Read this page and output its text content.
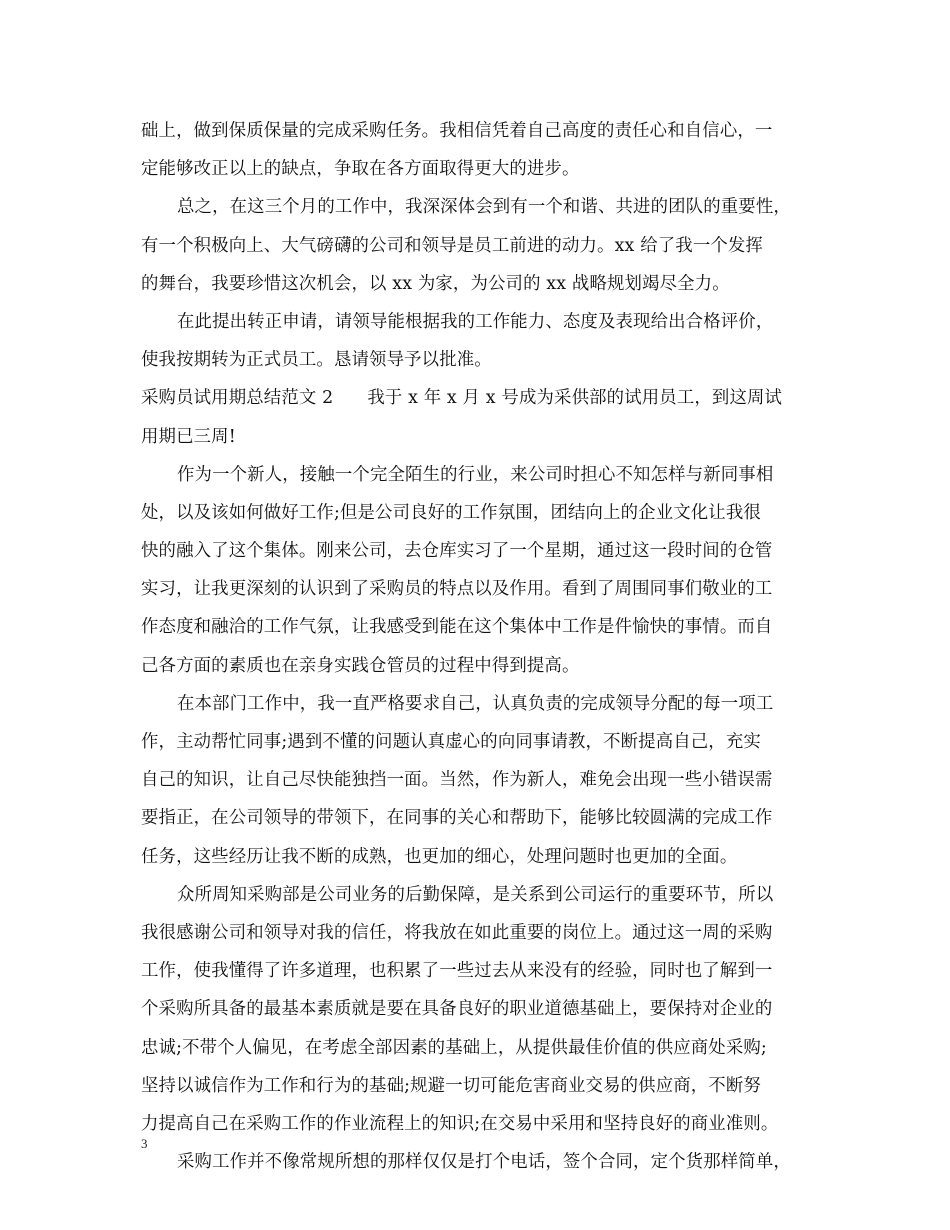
础上，做到保质保量的完成采购任务。我相信凭着自己高度的责任心和自信心，一
定能够改正以上的缺点，争取在各方面取得更大的进步。
总之，在这三个月的工作中，我深深体会到有一个和谐、共进的团队的重要性，
有一个积极向上、大气磅礴的公司和领导是员工前进的动力。xx 给了我一个发挥
的舞台，我要珍惜这次机会，以 xx 为家，为公司的 xx 战略规划竭尽全力。
在此提出转正申请，请领导能根据我的工作能力、态度及表现给出合格评价，
使我按期转为正式员工。恳请领导予以批准。
采购员试用期总结范文 2 我于 x 年 x 月 x 号成为采供部的试用员工，到这周试
用期已三周!
作为一个新人，接触一个完全陌生的行业，来公司时担心不知怎样与新同事相
处，以及该如何做好工作;但是公司良好的工作氛围，团结向上的企业文化让我很
快的融入了这个集体。刚来公司，去仓库实习了一个星期，通过这一段时间的仓管
实习，让我更深刻的认识到了采购员的特点以及作用。看到了周围同事们敬业的工
作态度和融洽的工作气氛，让我感受到能在这个集体中工作是件愉快的事情。而自
己各方面的素质也在亲身实践仓管员的过程中得到提高。
在本部门工作中，我一直严格要求自己，认真负责的完成领导分配的每一项工
作，主动帮忙同事;遇到不懂的问题认真虚心的向同事请教，不断提高自己，充实
自己的知识，让自己尽快能独挡一面。当然，作为新人，难免会出现一些小错误需
要指正，在公司领导的带领下，在同事的关心和帮助下，能够比较圆满的完成工作
任务，这些经历让我不断的成熟，也更加的细心，处理问题时也更加的全面。
众所周知采购部是公司业务的后勤保障，是关系到公司运行的重要环节，所以
我很感谢公司和领导对我的信任，将我放在如此重要的岗位上。通过这一周的采购
工作，使我懂得了许多道理，也积累了一些过去从来没有的经验，同时也了解到一
个采购所具备的最基本素质就是要在具备良好的职业道德基础上，要保持对企业的
忠诚;不带个人偏见，在考虑全部因素的基础上，从提供最佳价值的供应商处采购;
坚持以诚信作为工作和行为的基础;规避一切可能危害商业交易的供应商，不断努
力提高自己在采购工作的作业流程上的知识;在交易中采用和坚持良好的商业准则。
采购工作并不像常规所想的那样仅仅是打个电话，签个合同，定个货那样简单，
3
